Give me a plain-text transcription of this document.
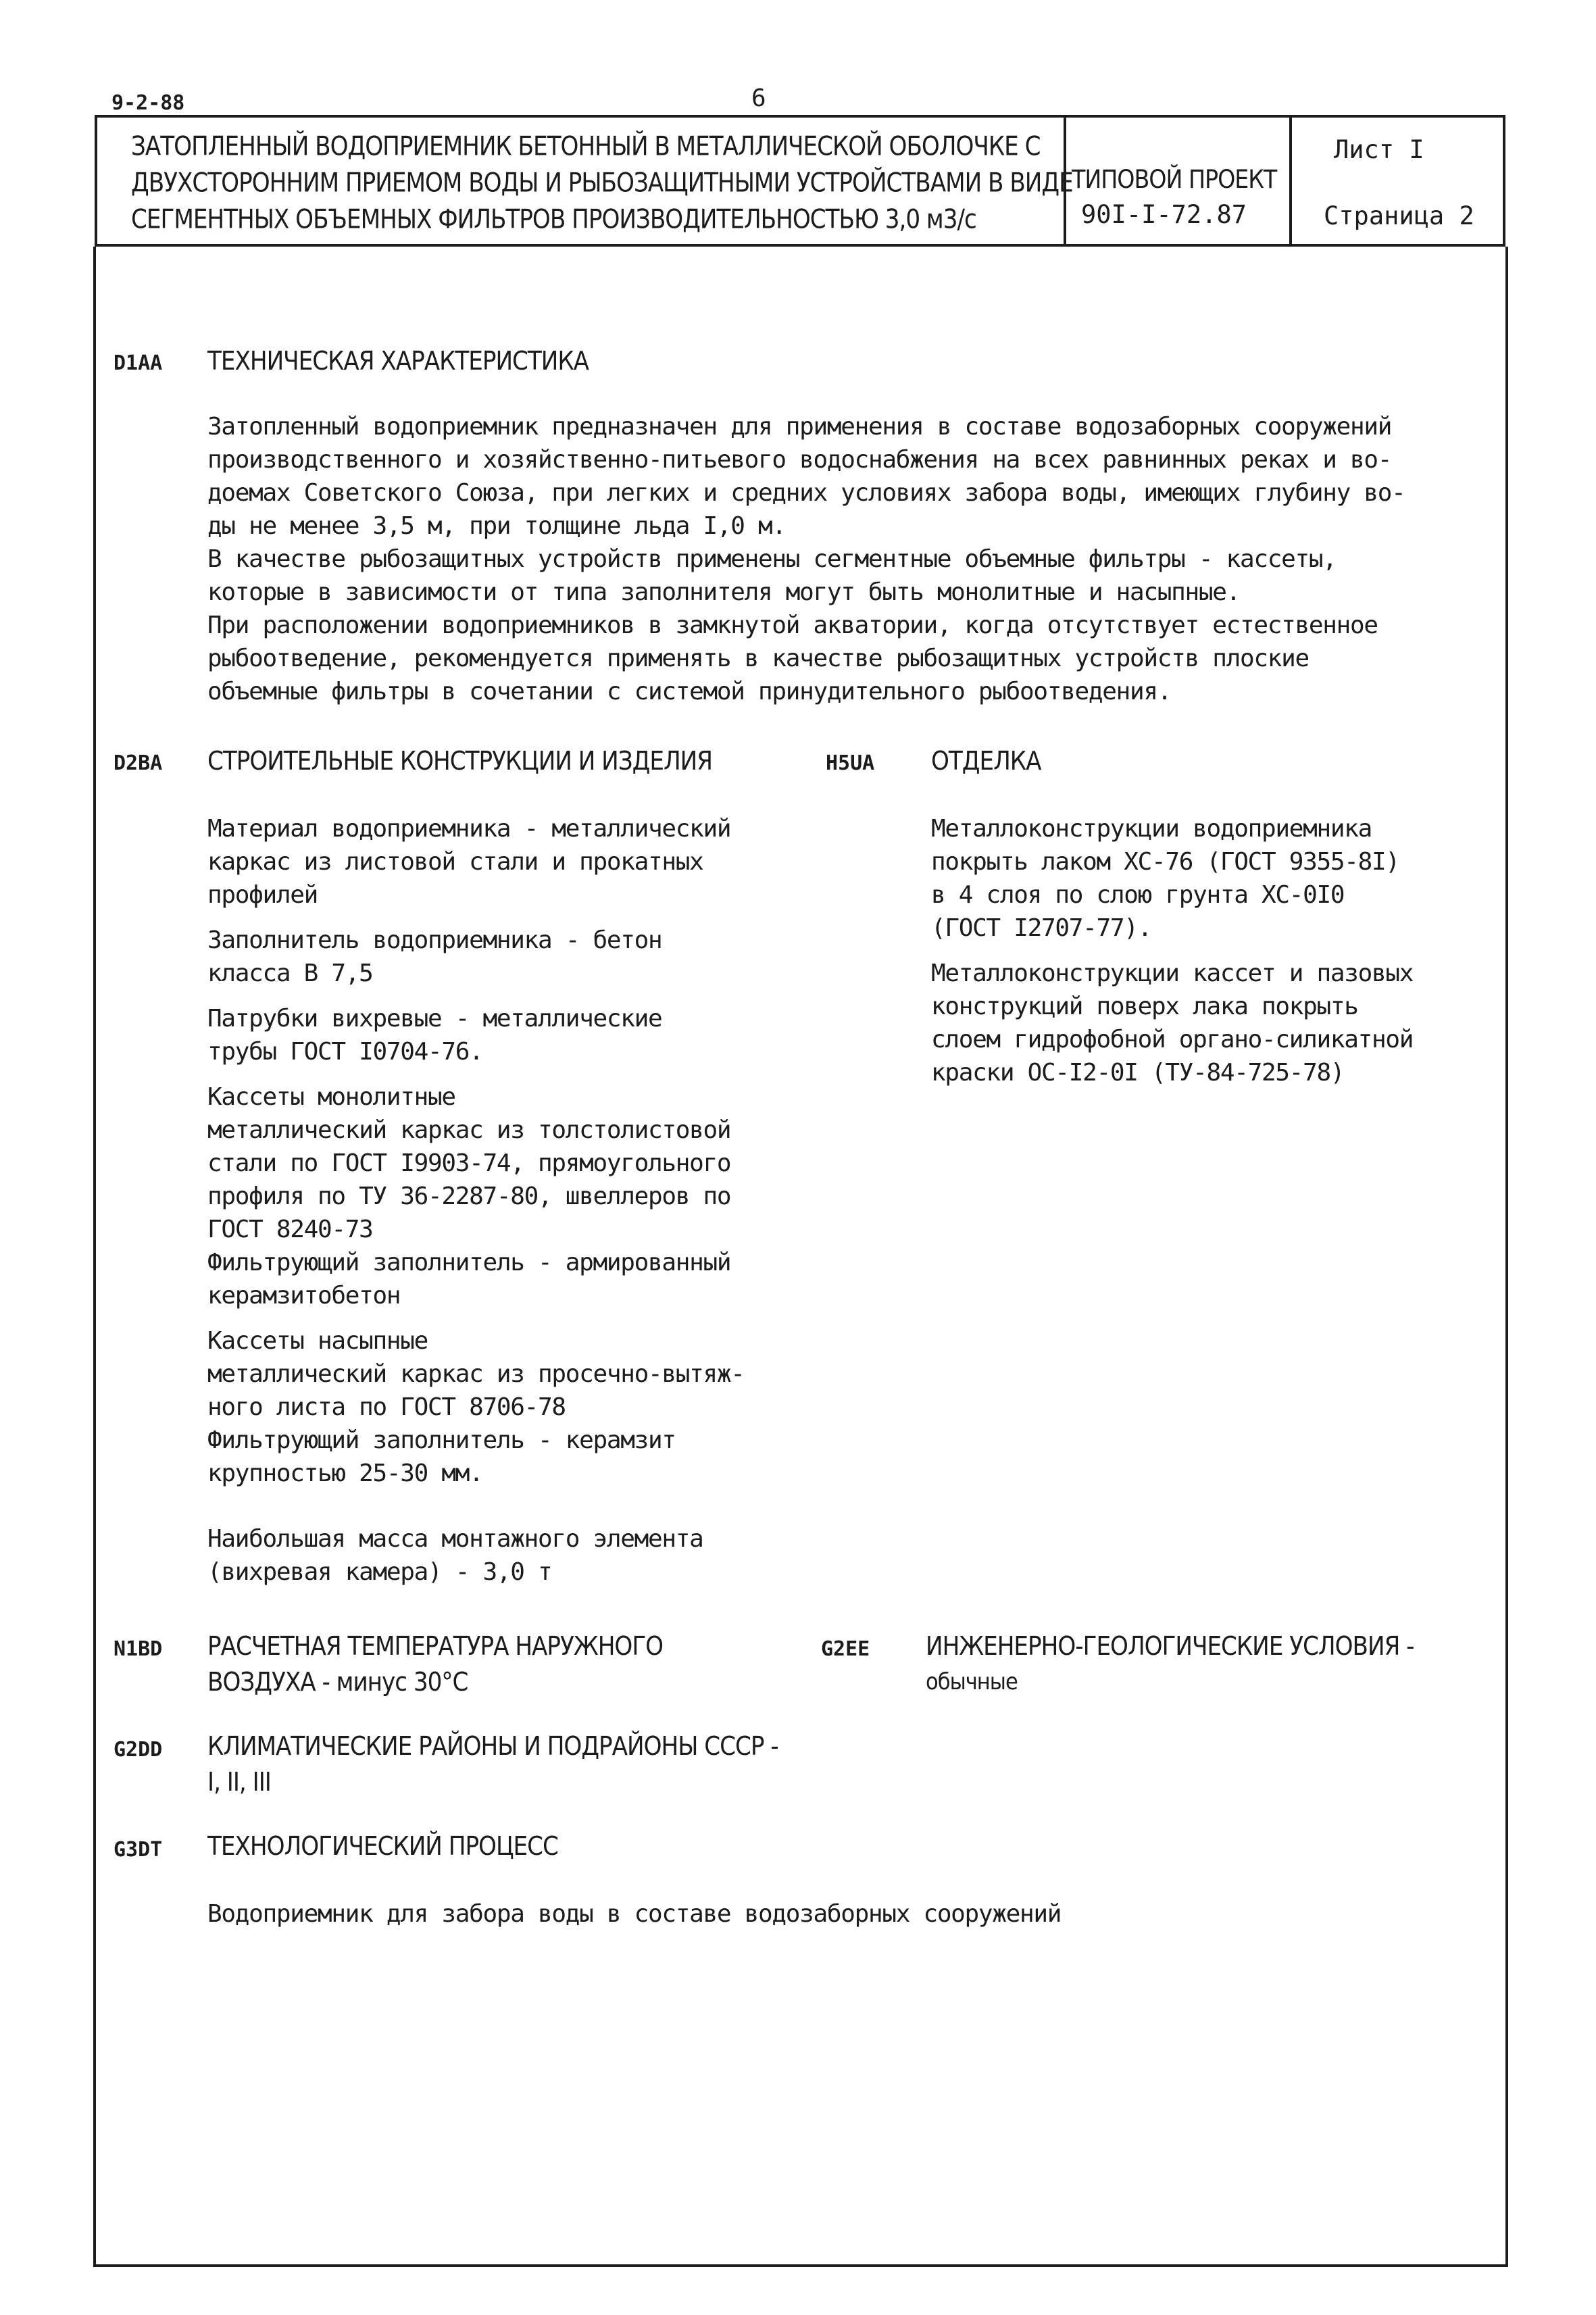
9-2-88	6
ЗАТОПЛЕННЫЙ ВОДОПРИЕМНИК БЕТОННЫЙ В МЕТАЛЛИЧЕСКОЙ ОБОЛОЧКЕ С
ДВУХСТОРОННИМ ПРИЕМОМ ВОДЫ И РЫБОЗАЩИТНЫМИ УСТРОЙСТВАМИ В ВИДЕ
СЕГМЕНТНЫХ ОБЪЕМНЫХ ФИЛЬТРОВ ПРОИЗВОДИТЕЛЬНОСТЬЮ 3,0 м3/с
ТИПОВОЙ ПРОЕКТ
90I-I-72.87
Лист I
Страница 2
D1AA ТЕХНИЧЕСКАЯ ХАРАКТЕРИСТИКА
Затопленный водоприемник предназначен для применения в составе водозаборных сооружений
производственного и хозяйственно-питьевого водоснабжения на всех равнинных реках и во-
доемах Советского Союза, при легких и средних условиях забора воды, имеющих глубину во-
ды не менее 3,5 м, при толщине льда I,0 м.
В качестве рыбозащитных устройств применены сегментные объемные фильтры - кассеты,
которые в зависимости от типа заполнителя могут быть монолитные и насыпные.
При расположении водоприемников в замкнутой акватории, когда отсутствует естественное
рыбоотведение, рекомендуется применять в качестве рыбозащитных устройств плоские
объемные фильтры в сочетании с системой принудительного рыбоотведения.
D2BA СТРОИТЕЛЬНЫЕ КОНСТРУКЦИИ И ИЗДЕЛИЯ
Материал водоприемника - металлический
каркас из листовой стали и прокатных
профилей
Заполнитель водоприемника - бетон
класса В 7,5
Патрубки вихревые - металлические
трубы ГОСТ I0704-76.
Кассеты монолитные
металлический каркас из толстолистовой
стали по ГОСТ I9903-74, прямоугольного
профиля по ТУ 36-2287-80, швеллеров по
ГОСТ 8240-73
Фильтрующий заполнитель - армированный
керамзитобетон
Кассеты насыпные
металлический каркас из просечно-вытяж-
ного листа по ГОСТ 8706-78
Фильтрующий заполнитель - керамзит
крупностью 25-30 мм.
Наибольшая масса монтажного элемента
(вихревая камера) - 3,0 т
H5UA ОТДЕЛКА
Металлоконструкции водоприемника
покрыть лаком ХС-76 (ГОСТ 9355-8I)
в 4 слоя по слою грунта ХС-0I0
(ГОСТ I2707-77).
Металлоконструкции кассет и пазовых
конструкций поверх лака покрыть
слоем гидрофобной органо-силикатной
краски ОС-I2-0I (ТУ-84-725-78)
N1BD РАСЧЕТНАЯ ТЕМПЕРАТУРА НАРУЖНОГО
ВОЗДУХА - минус 30°С
G2EE ИНЖЕНЕРНО-ГЕОЛОГИЧЕСКИЕ УСЛОВИЯ -
обычные
G2DD КЛИМАТИЧЕСКИЕ РАЙОНЫ И ПОДРАЙОНЫ СССР -
I, II, III
G3DT ТЕХНОЛОГИЧЕСКИЙ ПРОЦЕСС
Водоприемник для забора воды в составе водозаборных сооружений
